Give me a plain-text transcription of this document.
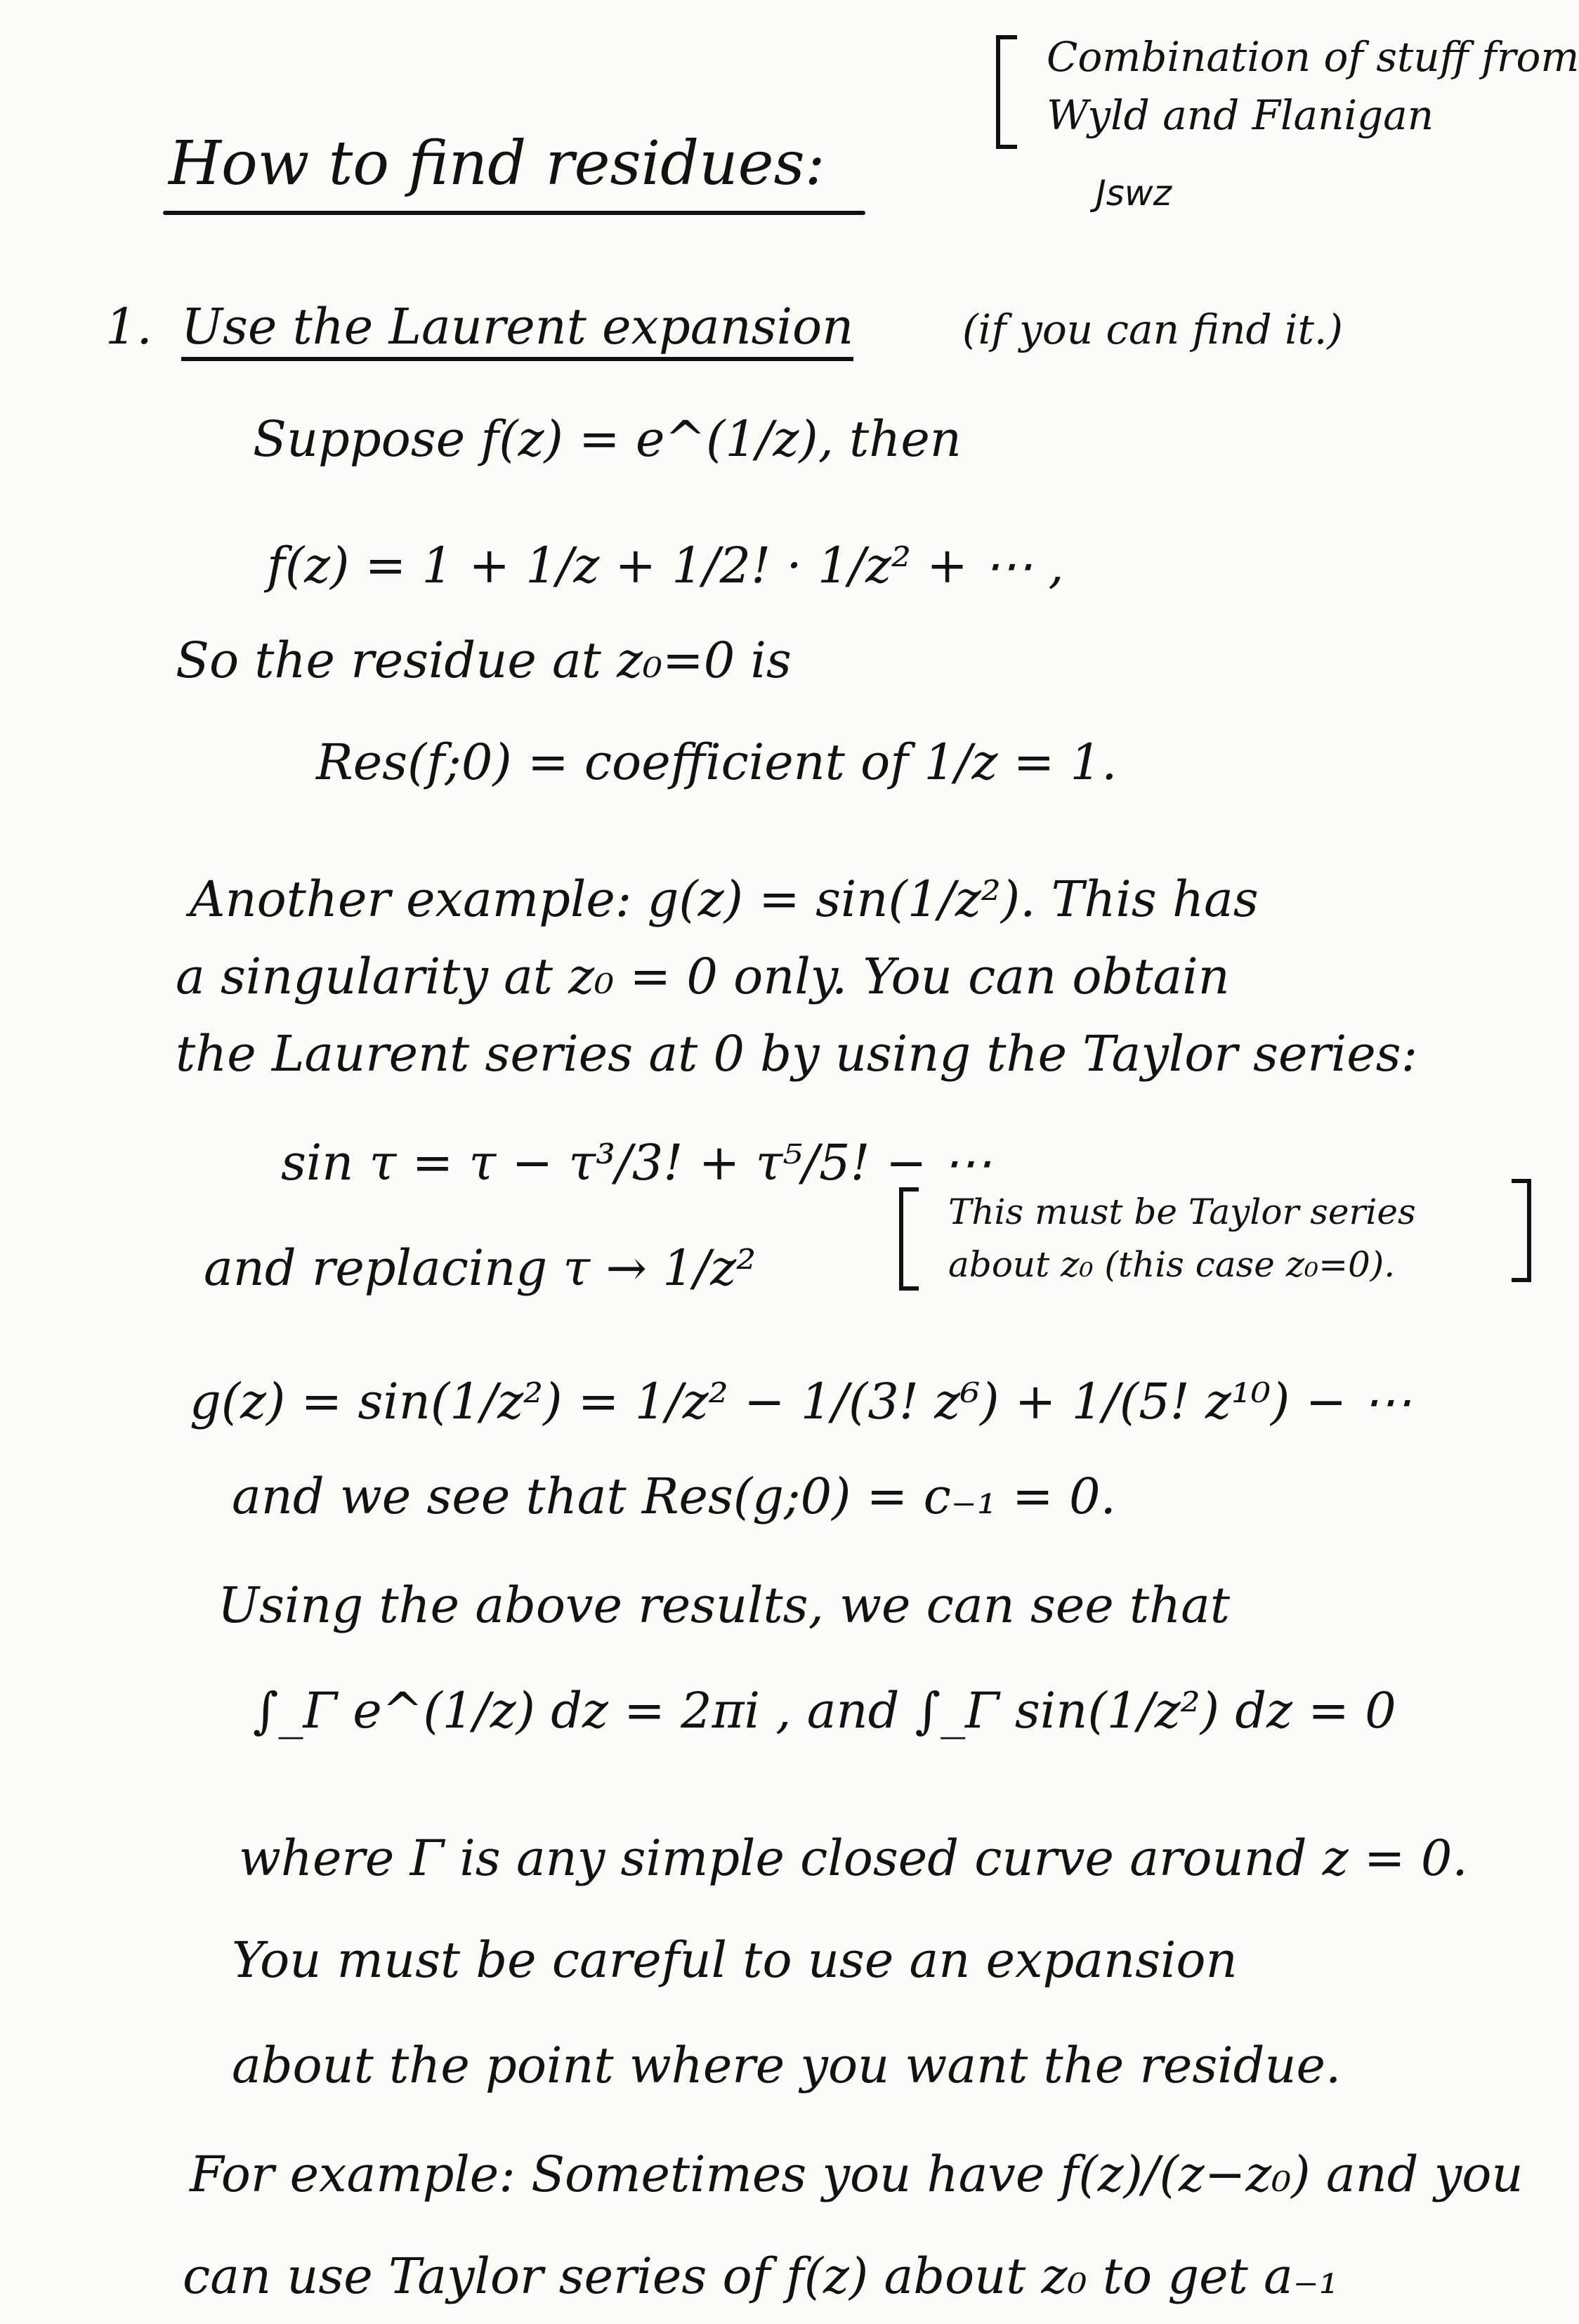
How to find residues:
Combination of stuff from
Wyld and Flanigan
Jswz
1. Use the Laurent expansion	(if you can find it.)
Suppose f(z) = e^(1/z), then
f(z) = 1 + 1/z + 1/2! · 1/z² + ⋯ ,
So the residue at z₀=0 is
Res(f;0) = coefficient of 1/z = 1.
Another example: g(z) = sin(1/z²). This has
a singularity at z₀ = 0 only. You can obtain
the Laurent series at 0 by using the Taylor series:
sin τ = τ − τ³/3! + τ⁵/5! − ⋯
and replacing τ → 1/z²
This must be Taylor series
about z₀ (this case z₀=0).
g(z) = sin(1/z²) = 1/z² − 1/(3! z⁶) + 1/(5! z¹⁰) − ⋯
and we see that Res(g;0) = c₋₁ = 0.
Using the above results, we can see that
∫_Γ e^(1/z) dz = 2πi , and ∫_Γ sin(1/z²) dz = 0
where Γ is any simple closed curve around z = 0.
You must be careful to use an expansion
about the point where you want the residue.
For example: Sometimes you have f(z)/(z−z₀) and you
can use Taylor series of f(z) about z₀ to get a₋₁
